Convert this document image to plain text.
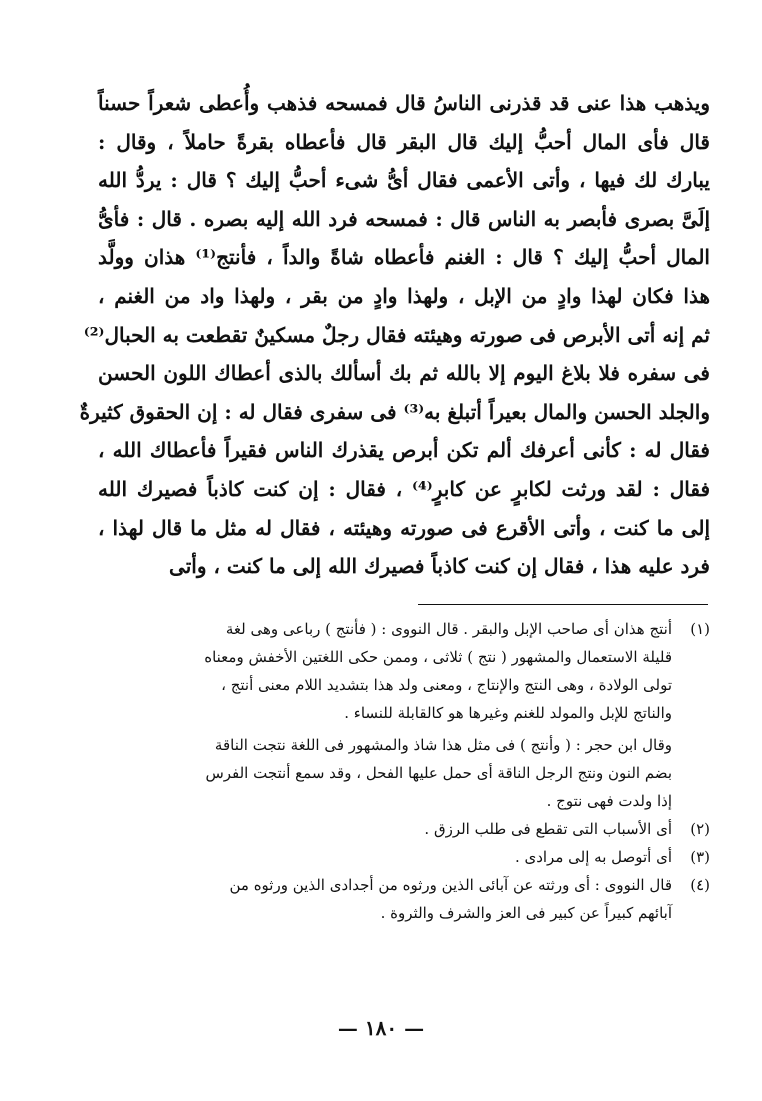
ويذهب هذا عنى قد قذرنى الناسُ قال فمسحه فذهب وأُعطى شعراً حسناً
قال فأى المال أحبُّ إليك قال البقر قال فأعطاه بقرةً حاملاً ، وقال :
يبارك لك فيها ، وأتى الأعمى فقال أىُّ شىء أحبُّ إليك ؟ قال : يردُّ الله
إلَىَّ بصرى فأبصر به الناس قال : فمسحه فرد الله إليه بصره . قال : فأىُّ
المال أحبُّ إليك ؟ قال : الغنم فأعطاه شاةً والداً ، فأنتج⁽¹⁾ هذان وولَّد
هذا فكان لهذا وادٍ من الإبل ، ولهذا وادٍ من بقر ، ولهذا واد من الغنم ،
ثم إنه أتى الأبرص فى صورته وهيئته فقال رجلٌ مسكينٌ تقطعت به الحبال⁽²⁾
فى سفره فلا بلاغ اليوم إلا بالله ثم بك أسألك بالذى أعطاك اللون الحسن
والجلد الحسن والمال بعيراً أتبلغ به⁽³⁾ فى سفرى فقال له : إن الحقوق كثيرةٌ
فقال له : كأنى أعرفك ألم تكن أبرص يقذرك الناس فقيراً فأعطاك الله ،
فقال : لقد ورثت لكابرٍ عن كابرٍ⁽⁴⁾ ، فقال : إن كنت كاذباً فصيرك الله
إلى ما كنت ، وأتى الأقرع فى صورته وهيئته ، فقال له مثل ما قال لهذا ،
فرد عليه هذا ، فقال إن كنت كاذباً فصيرك الله إلى ما كنت ، وأتى
(١)
أنتج هذان أى صاحب الإبل والبقر . قال النووى : ( فأنتج ) رباعى وهى لغة
قليلة الاستعمال والمشهور ( نتج ) ثلاثى ، وممن حكى اللغتين الأخفش ومعناه
تولى الولادة ، وهى النتج والإنتاج ، ومعنى ولد هذا بتشديد اللام معنى أنتج ،
والناتج للإبل والمولد للغنم وغيرها هو كالقابلة للنساء .
وقال ابن حجر : ( وأنتج ) فى مثل هذا شاذ والمشهور فى اللغة نتجت الناقة
بضم النون ونتج الرجل الناقة أى حمل عليها الفحل ، وقد سمع أنتجت الفرس
إذا ولدت فهى نتوج .
(٢)
أى الأسباب التى تقطع فى طلب الرزق .
(٣)
أى أتوصل به إلى مرادى .
(٤)
قال النووى : أى ورثته عن آبائى الذين ورثوه من أجدادى الذين ورثوه من
آبائهم كبيراً عن كبير فى العز والشرف والثروة .
— ١٨٠ —
